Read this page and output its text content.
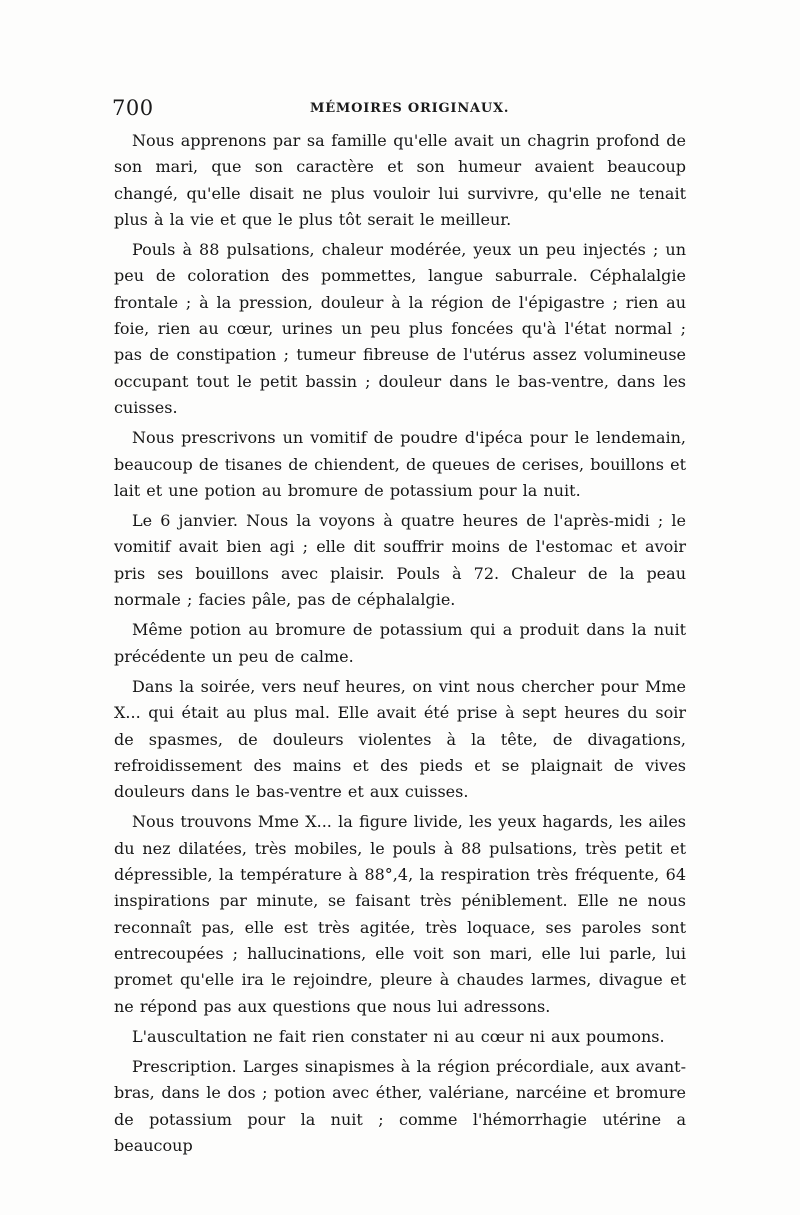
700	MÉMOIRES ORIGINAUX.

Nous apprenons par sa famille qu'elle avait un chagrin profond de son mari, que son caractère et son humeur avaient beaucoup changé, qu'elle disait ne plus vouloir lui survivre, qu'elle ne tenait plus à la vie et que le plus tôt serait le meilleur.

Pouls à 88 pulsations, chaleur modérée, yeux un peu injectés ; un peu de coloration des pommettes, langue saburrale. Céphalalgie frontale ; à la pression, douleur à la région de l'épigastre ; rien au foie, rien au cœur, urines un peu plus foncées qu'à l'état normal ; pas de constipation ; tumeur fibreuse de l'utérus assez volumineuse occupant tout le petit bassin ; douleur dans le bas-ventre, dans les cuisses.

Nous prescrivons un vomitif de poudre d'ipéca pour le lendemain, beaucoup de tisanes de chiendent, de queues de cerises, bouillons et lait et une potion au bromure de potassium pour la nuit.

Le 6 janvier. Nous la voyons à quatre heures de l'après-midi ; le vomitif avait bien agi ; elle dit souffrir moins de l'estomac et avoir pris ses bouillons avec plaisir. Pouls à 72. Chaleur de la peau normale ; facies pâle, pas de céphalalgie.

Même potion au bromure de potassium qui a produit dans la nuit précédente un peu de calme.

Dans la soirée, vers neuf heures, on vint nous chercher pour Mme X... qui était au plus mal. Elle avait été prise à sept heures du soir de spasmes, de douleurs violentes à la tête, de divagations, refroidissement des mains et des pieds et se plaignait de vives douleurs dans le bas-ventre et aux cuisses.

Nous trouvons Mme X... la figure livide, les yeux hagards, les ailes du nez dilatées, très mobiles, le pouls à 88 pulsations, très petit et dépressible, la température à 88°,4, la respiration très fréquente, 64 inspirations par minute, se faisant très péniblement. Elle ne nous reconnaît pas, elle est très agitée, très loquace, ses paroles sont entrecoupées ; hallucinations, elle voit son mari, elle lui parle, lui promet qu'elle ira le rejoindre, pleure à chaudes larmes, divague et ne répond pas aux questions que nous lui adressons.

L'auscultation ne fait rien constater ni au cœur ni aux poumons.

Prescription. Larges sinapismes à la région précordiale, aux avant-bras, dans le dos ; potion avec éther, valériane, narcéine et bromure de potassium pour la nuit ; comme l'hémorrhagie utérine a beaucoup
